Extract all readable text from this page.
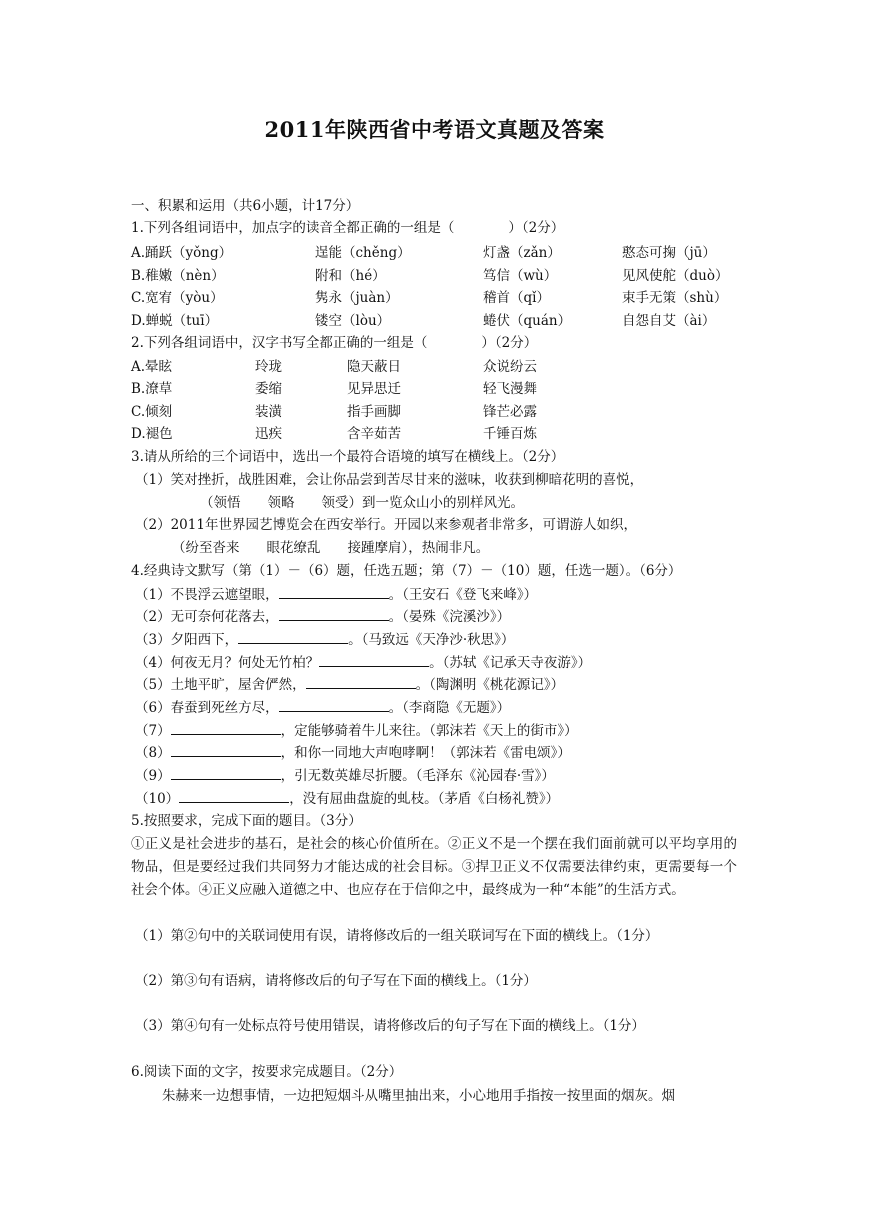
2011年陕西省中考语文真题及答案
一、积累和运用（共6小题，计17分）
1.下列各组词语中，加点字的读音全都正确的一组是（　　　　）（2分）
A.踊跃（yǒng）	逞能（chěng）	灯盏（zǎn）	憨态可掬（jū）
B.稚嫩（nèn）	附和（hé）	笃信（wù）	见风使舵（duò）
C.宽宥（yòu）	隽永（juàn）	稽首（qǐ）	束手无策（shù）
D.蝉蜕（tuī）	镂空（lòu）	蜷伏（quán）	自怨自艾（ài）
2.下列各组词语中，汉字书写全都正确的一组是（　　　　）（2分）
A.晕眩	玲珑	隐天蔽日	众说纷云
B.潦草	委缩	见异思迁	轻飞漫舞
C.倾刻	装潢	指手画脚	锋芒必露
D.褪色	迅疾	含辛茹苦	千锤百炼
3.请从所给的三个词语中，选出一个最符合语境的填写在横线上。（2分）
（1）笑对挫折，战胜困难，会让你品尝到苦尽甘来的滋味，收获到柳暗花明的喜悦，
（领悟　　领略　　领受）到一览众山小的别样风光。
（2）2011年世界园艺博览会在西安举行。开园以来参观者非常多，可谓游人如织，
（纷至沓来　　眼花缭乱　　接踵摩肩），热闹非凡。
4.经典诗文默写（第（1）－（6）题，任选五题；第（7）－（10）题，任选一题）。（6分）
（1）不畏浮云遮望眼，	。（王安石《登飞来峰》）
（2）无可奈何花落去，	。（晏殊《浣溪沙》）
（3）夕阳西下，	。（马致远《天净沙·秋思》）
（4）何夜无月？何处无竹柏？	。（苏轼《记承天寺夜游》）
（5）土地平旷，屋舍俨然，	。（陶渊明《桃花源记》）
（6）春蚕到死丝方尽，	。（李商隐《无题》）
（7）	，定能够骑着牛儿来往。（郭沫若《天上的街市》）
（8）	，和你一同地大声咆哮啊！（郭沫若《雷电颂》）
（9）	，引无数英雄尽折腰。（毛泽东《沁园春·雪》）
（10）	，没有屈曲盘旋的虬枝。（茅盾《白杨礼赞》）
5.按照要求，完成下面的题目。（3分）
①正义是社会进步的基石，是社会的核心价值所在。②正义不是一个摆在我们面前就可以平均享用的物品，但是要经过我们共同努力才能达成的社会目标。③捍卫正义不仅需要法律约束，更需要每一个社会个体。④正义应融入道德之中、也应存在于信仰之中，最终成为一种“本能”的生活方式。
（1）第②句中的关联词使用有误，请将修改后的一组关联词写在下面的横线上。（1分）
（2）第③句有语病，请将修改后的句子写在下面的横线上。（1分）
（3）第④句有一处标点符号使用错误，请将修改后的句子写在下面的横线上。（1分）
6.阅读下面的文字，按要求完成题目。（2分）
朱赫来一边想事情，一边把短烟斗从嘴里抽出来，小心地用手指按一按里面的烟灰。烟
